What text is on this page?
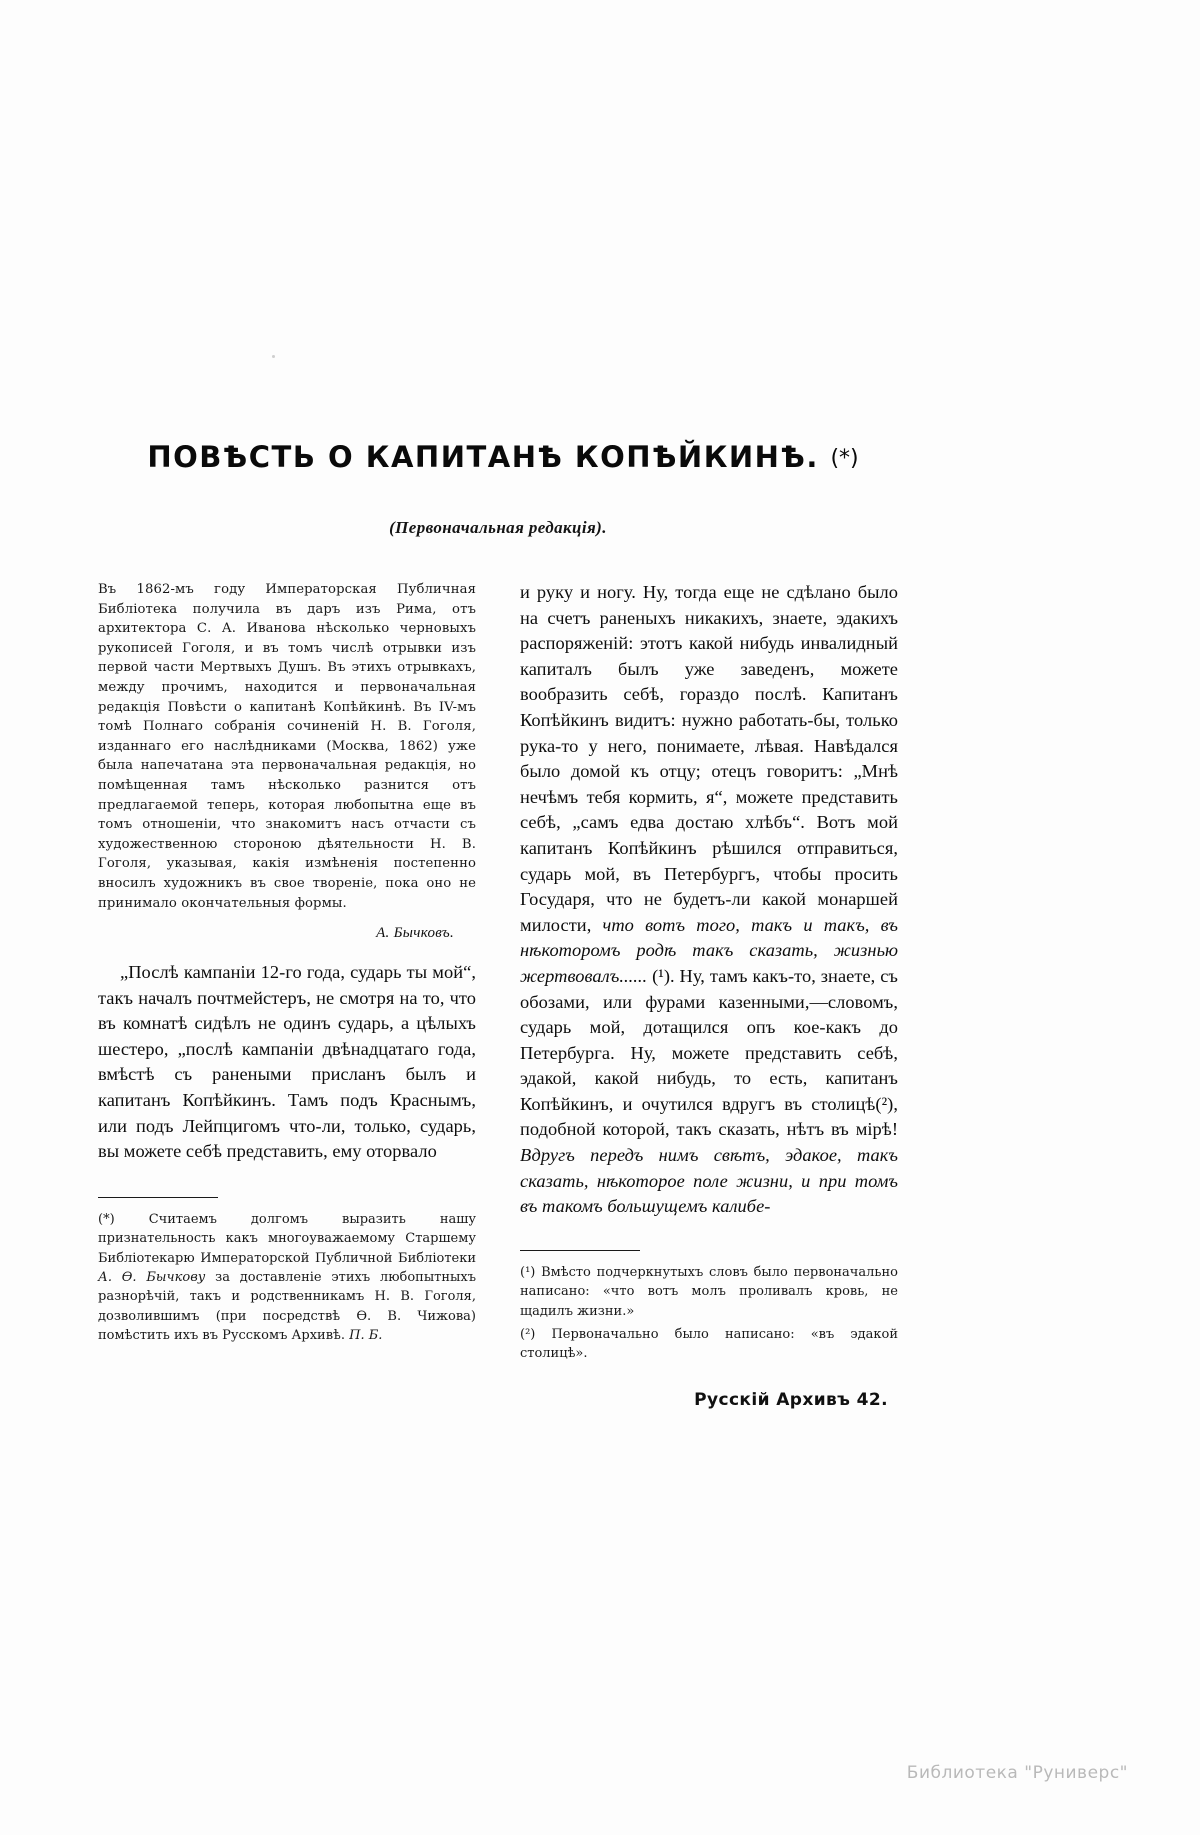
ПОВѢСТЬ О КАПИТАНѢ КОПѢЙКИНѢ. (*)
(Первоначальная редакція).

Въ 1862-мъ году Императорская Публичная Библіотека получила въ даръ изъ Рима, отъ архитектора С. А. Иванова нѣсколько черновыхъ рукописей Гоголя, и въ томъ числѣ отрывки изъ первой части Мертвыхъ Душъ. Въ этихъ отрывкахъ, между прочимъ, находится и первоначальная редакція Повѣсти о капитанѣ Копѣйкинѣ. Въ IV-мъ томѣ Полнаго собранія сочиненій Н. В. Гоголя, изданнаго его наслѣдниками (Москва, 1862) уже была напечатана эта первоначальная редакція, но помѣщенная тамъ нѣсколько разнится отъ предлагаемой теперь, которая любопытна еще въ томъ отношеніи, что знакомитъ насъ отчасти съ художественною стороною дѣятельности Н. В. Гоголя, указывая, какія измѣненія постепенно вносилъ художникъ въ свое твореніе, пока оно не принимало окончательныя формы.

А. Бычковъ.

„Послѣ кампаніи 12-го года, сударь ты мой“, такъ началъ почтмейстеръ, не смотря на то, что въ комнатѣ сидѣлъ не одинъ сударь, а цѣлыхъ шестеро, „послѣ кампаніи двѣнадцатаго года, вмѣстѣ съ ранеными присланъ былъ и капитанъ Копѣйкинъ. Тамъ подъ Краснымъ, или подъ Лейпцигомъ что-ли, только, сударь, вы можете себѣ представить, ему оторвало

(*)	Считаемъ долгомъ выразить нашу признательность какъ многоуважаемому Старшему Библіотекарю Императорской Публичной Библіотеки А. Ѳ. Бычкову за доставленіе этихъ любопытныхъ разнорѣчій, такъ и родственникамъ Н. В. Гоголя, дозволившимъ (при посредствѣ Ѳ. В. Чижова) помѣстить ихъ въ Русскомъ Архивѣ. П. Б.

и руку и ногу. Ну, тогда еще не сдѣлано было на счетъ раненыхъ никакихъ, знаете, эдакихъ распоряженій: этотъ какой нибудь инвалидный капиталъ былъ уже заведенъ, можете вообразить себѣ, гораздо послѣ. Капитанъ Копѣйкинъ видитъ: нужно работать-бы, только рука-то у него, понимаете, лѣвая. Навѣдался было домой къ отцу; отецъ говоритъ: „Мнѣ нечѣмъ тебя кормить, я“, можете представить себѣ, „самъ едва достаю хлѣбъ“. Вотъ мой капитанъ Копѣйкинъ рѣшился отправиться, сударь мой, въ Петербургъ, чтобы просить Государя, что не будетъ-ли какой монаршей милости, что вотъ того, такъ и такъ, въ нѣкоторомъ родѣ такъ сказать, жизнью жертвовалъ...... (¹). Ну, тамъ какъ-то, знаете, съ обозами, или фурами казенными,—словомъ, сударь мой, дотащился опъ кое-какъ до Петербурга. Ну, можете представить себѣ, эдакой, какой нибудь, то есть, капитанъ Копѣйкинъ, и очутился вдругъ въ столицѣ(²), подобной которой, такъ сказать, нѣтъ въ мірѣ! Вдругъ передъ нимъ свѣтъ, эдакое, такъ сказать, нѣкоторое поле жизни, и при томъ въ такомъ большущемъ калибе-

(¹) Вмѣсто подчеркнутыхъ словъ было первоначально написано: «что вотъ молъ проливалъ кровь, не щадилъ жизни.»

(²) Первоначально было написано: «въ эдакой столицѣ».

Русскій Архивъ 42.
Библиотека "Руниверс"
